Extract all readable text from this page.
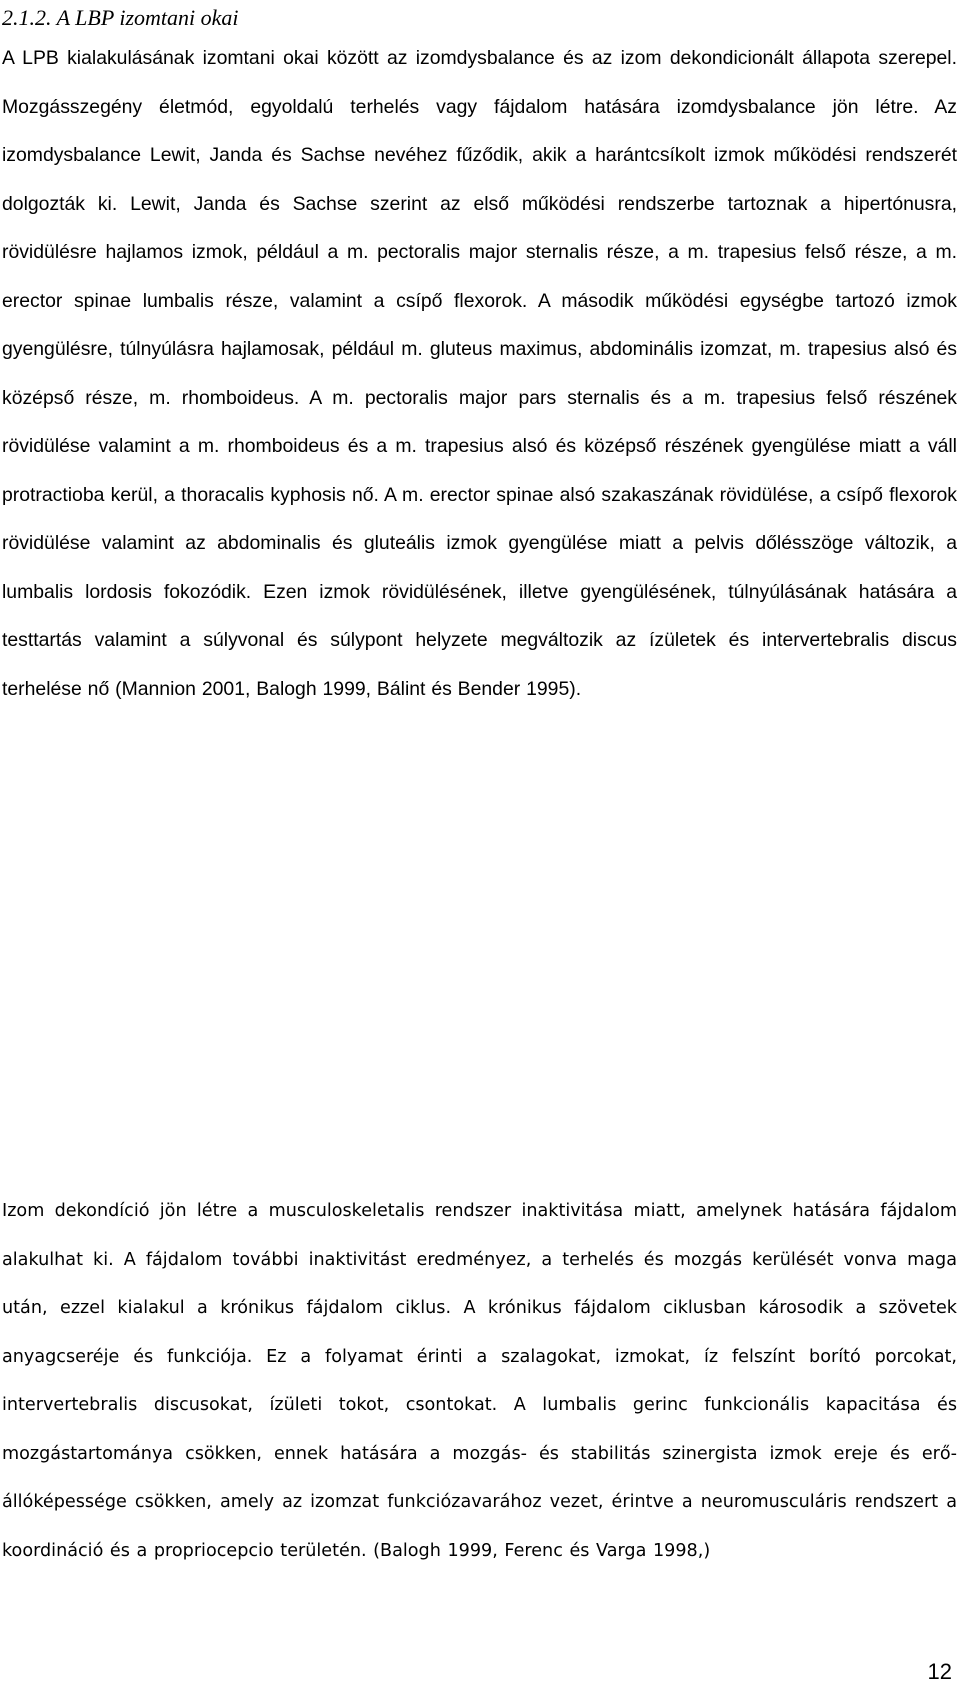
2.1.2. A LBP izomtani okai

A LPB kialakulásának izomtani okai között az izomdysbalance és az izom dekondicionált állapota szerepel. Mozgásszegény életmód, egyoldalú terhelés vagy fájdalom hatására izomdysbalance jön létre. Az izomdysbalance Lewit, Janda és Sachse nevéhez fűződik, akik a harántcsíkolt izmok működési rendszerét dolgozták ki. Lewit, Janda és Sachse szerint az első működési rendszerbe tartoznak a hipertónusra, rövidülésre hajlamos izmok, például a m. pectoralis major sternalis része, a m. trapesius felső része, a m. erector spinae lumbalis része, valamint a csípő flexorok. A második működési egységbe tartozó izmok gyengülésre, túlnyúlásra hajlamosak, például m. gluteus maximus, abdominális izomzat, m. trapesius alsó és középső része, m. rhomboideus. A m. pectoralis major pars sternalis és a m. trapesius felső részének rövidülése valamint a m. rhomboideus és a m. trapesius alsó és középső részének gyengülése miatt a váll protractioba kerül, a thoracalis kyphosis nő. A m. erector spinae alsó szakaszának rövidülése, a csípő flexorok rövidülése valamint az abdominalis és gluteális izmok gyengülése miatt a pelvis dőlésszöge változik, a lumbalis lordosis fokozódik. Ezen izmok rövidülésének, illetve gyengülésének, túlnyúlásának hatására a testtartás valamint a súlyvonal és súlypont helyzete megváltozik az ízületek és intervertebralis discus terhelése nő (Mannion 2001, Balogh 1999, Bálint és Bender 1995).

Izom dekondíció jön létre a musculoskeletalis rendszer inaktivitása miatt, amelynek hatására fájdalom alakulhat ki. A fájdalom további inaktivitást eredményez, a terhelés és mozgás kerülését vonva maga után, ezzel kialakul a krónikus fájdalom ciklus. A krónikus fájdalom ciklusban károsodik a szövetek anyagcseréje és funkciója. Ez a folyamat érinti a szalagokat, izmokat, íz felszínt borító porcokat, intervertebralis discusokat, ízületi tokot, csontokat. A lumbalis gerinc funkcionális kapacitása és mozgástartománya csökken, ennek hatására a mozgás- és stabilitás szinergista izmok ereje és erő-állóképessége csökken, amely az izomzat funkciózavarához vezet, érintve a neuromusculáris rendszert a koordináció és a propriocepcio területén. (Balogh 1999, Ferenc és Varga 1998,)

12
